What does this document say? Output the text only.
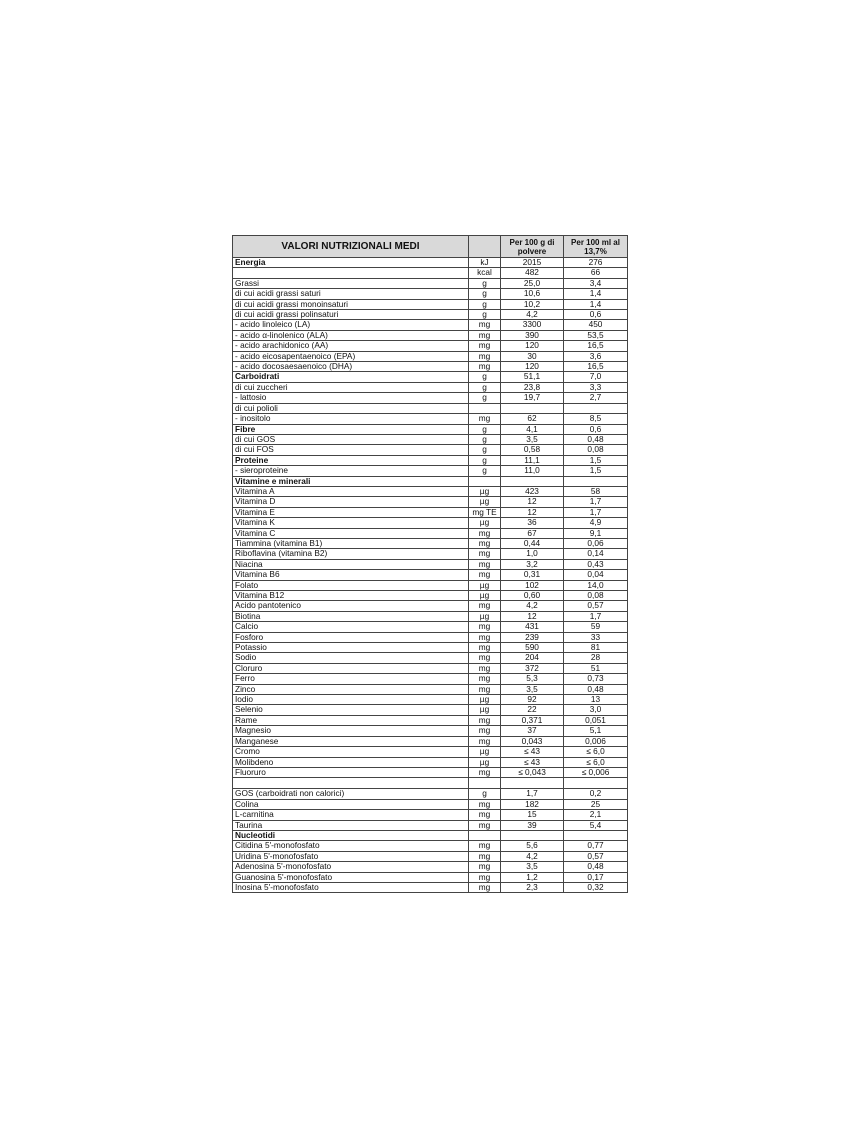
VALORI NUTRIZIONALI MEDI		Per 100 g di polvere	Per 100 ml al 13,7%
Energia	kJ	2015	276
	kcal	482	66
Grassi	g	25,0	3,4
di cui acidi grassi saturi	g	10,6	1,4
di cui acidi grassi monoinsaturi	g	10,2	1,4
di cui acidi grassi polinsaturi	g	4,2	0,6
- acido linoleico (LA)	mg	3300	450
- acido α-linolenico (ALA)	mg	390	53,5
- acido arachidonico (AA)	mg	120	16,5
- acido eicosapentaenoico (EPA)	mg	30	3,6
- acido docosaesaenoico (DHA)	mg	120	16,5
Carboidrati	g	51,1	7,0
di cui zuccheri	g	23,8	3,3
- lattosio	g	19,7	2,7
di cui polioli			
- inositolo	mg	62	8,5
Fibre	g	4,1	0,6
di cui GOS	g	3,5	0,48
di cui FOS	g	0,58	0,08
Proteine	g	11,1	1,5
- sieroproteine	g	11,0	1,5
Vitamine e minerali			
Vitamina A	µg	423	58
Vitamina D	µg	12	1,7
Vitamina E	mg TE	12	1,7
Vitamina K	µg	36	4,9
Vitamina C	mg	67	9,1
Tiammina (vitamina B1)	mg	0,44	0,06
Riboflavina (vitamina B2)	mg	1,0	0,14
Niacina	mg	3,2	0,43
Vitamina B6	mg	0,31	0,04
Folato	µg	102	14,0
Vitamina B12	µg	0,60	0,08
Acido pantotenico	mg	4,2	0,57
Biotina	µg	12	1,7
Calcio	mg	431	59
Fosforo	mg	239	33
Potassio	mg	590	81
Sodio	mg	204	28
Cloruro	mg	372	51
Ferro	mg	5,3	0,73
Zinco	mg	3,5	0,48
Iodio	µg	92	13
Selenio	µg	22	3,0
Rame	mg	0,371	0,051
Magnesio	mg	37	5,1
Manganese	mg	0,043	0,006
Cromo	µg	≤ 43	≤ 6,0
Molibdeno	µg	≤ 43	≤ 6,0
Fluoruro	mg	≤ 0,043	≤ 0,006

GOS (carboidrati non calorici)	g	1,7	0,2
Colina	mg	182	25
L-carnitina	mg	15	2,1
Taurina	mg	39	5,4
Nucleotidi			
Citidina 5'-monofosfato	mg	5,6	0,77
Uridina 5'-monofosfato	mg	4,2	0,57
Adenosina 5'-monofosfato	mg	3,5	0,48
Guanosina 5'-monofosfato	mg	1,2	0,17
Inosina 5'-monofosfato	mg	2,3	0,32
